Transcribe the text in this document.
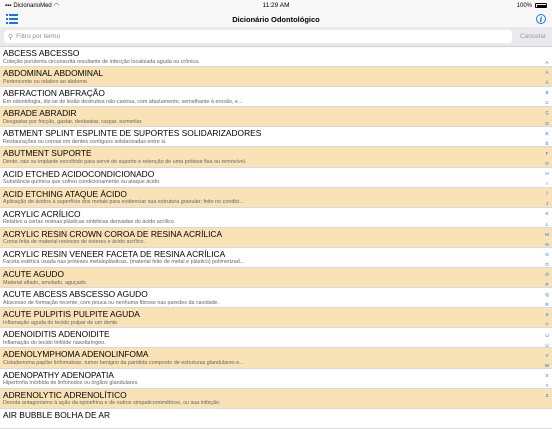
▪▪▪ DicionarioMed ◠	11:29 AM	100%
Dicionário Odontológico	i
⚲
Filtro por termo	Cancelar
ABCESS ABCESSO
Coleção purulenta circunscrita resultante de infecção localizada aguda ou crônica.
ABDOMINAL ABDOMINAL
Pertencente ou relativo ao abdome.
ABFRACTION ABFRAÇÃO
Em odontologia, diz-se de lesão destrutiva não-cariosa, com afastamento, semelhante à erosão, e...
ABRADE ABRADIR
Desgastar por fricção, gastar, desbastar, raspar, esmerilar.
ABTMENT SPLINT ESPLINTE DE SUPORTES SOLIDARIZADORES
Restaurações ou coroas em dentes contíguos solidarizadas entre si.
ABUTMENT SUPORTE
Dente, raiz ou implante escolhido para servir de suporte e retenção de uma prótese fixa ou removível.
ACID ETCHED ACIDOCONDICIONADO
Substância química que sofreu condicionamento ou ataque ácido.
ACID ETCHING ATAQUE ÁCIDO
Aplicação de ácidos à superfície dos metais para evidenciar sua estrutura granular; feito no condici...
ACRYLIC ACRÍLICO
Relativo a certas resinas plásticas sintéticas derivadas do ácido acrílico.
ACRYLIC RESIN CROWN COROA DE RESINA ACRÍLICA
Coroa feita de material resinoso de ésteres e ácido acrílico.
ACRYLIC RESIN VENEER FACETA DE RESINA ACRÍLICA
Faceta estética usada nas próteses metaloplásticas. (material feito de metal e plástico) polimerizad...
ACUTE AGUDO
Material afiado, amolado, aguçado.
ACUTE ABCESS ABSCESSO AGUDO
Abscesso de formação recente, com pouca ou nenhuma fibrose nas paredes da cavidade.
ACUTE PULPITIS PULPITE AGUDA
Inflamação aguda do tecido pulpar de um dente.
ADENOIDITIS ADENOIDITE
Inflamação do tecido linfóide nasofaríngeo.
ADENOLYMPHOMA ADENOLINFOMA
Cistadenoma papilar linfomatoso, tumor benigno da parótida composto de estruturas glandulares e...
ADENOPATHY ADENOPATIA
Hipertrofia mórbida de linfonodos ou órgãos glandulares.
ADRENOLYTIC ADRENOLÍTICO
Denota antagonismo à ação da epinefrina e de outros simpaticomiméticos, ou sua inibição.
AIR BUBBLE BOLHA DE AR
A
Á
Ã
B
C
Ç
D
E
É
F
G
H
I
Í
J
K
L
M
N
O
Ó
Õ
P
Q
R
S
T
U
Ú
V
W
X
Y
Z
